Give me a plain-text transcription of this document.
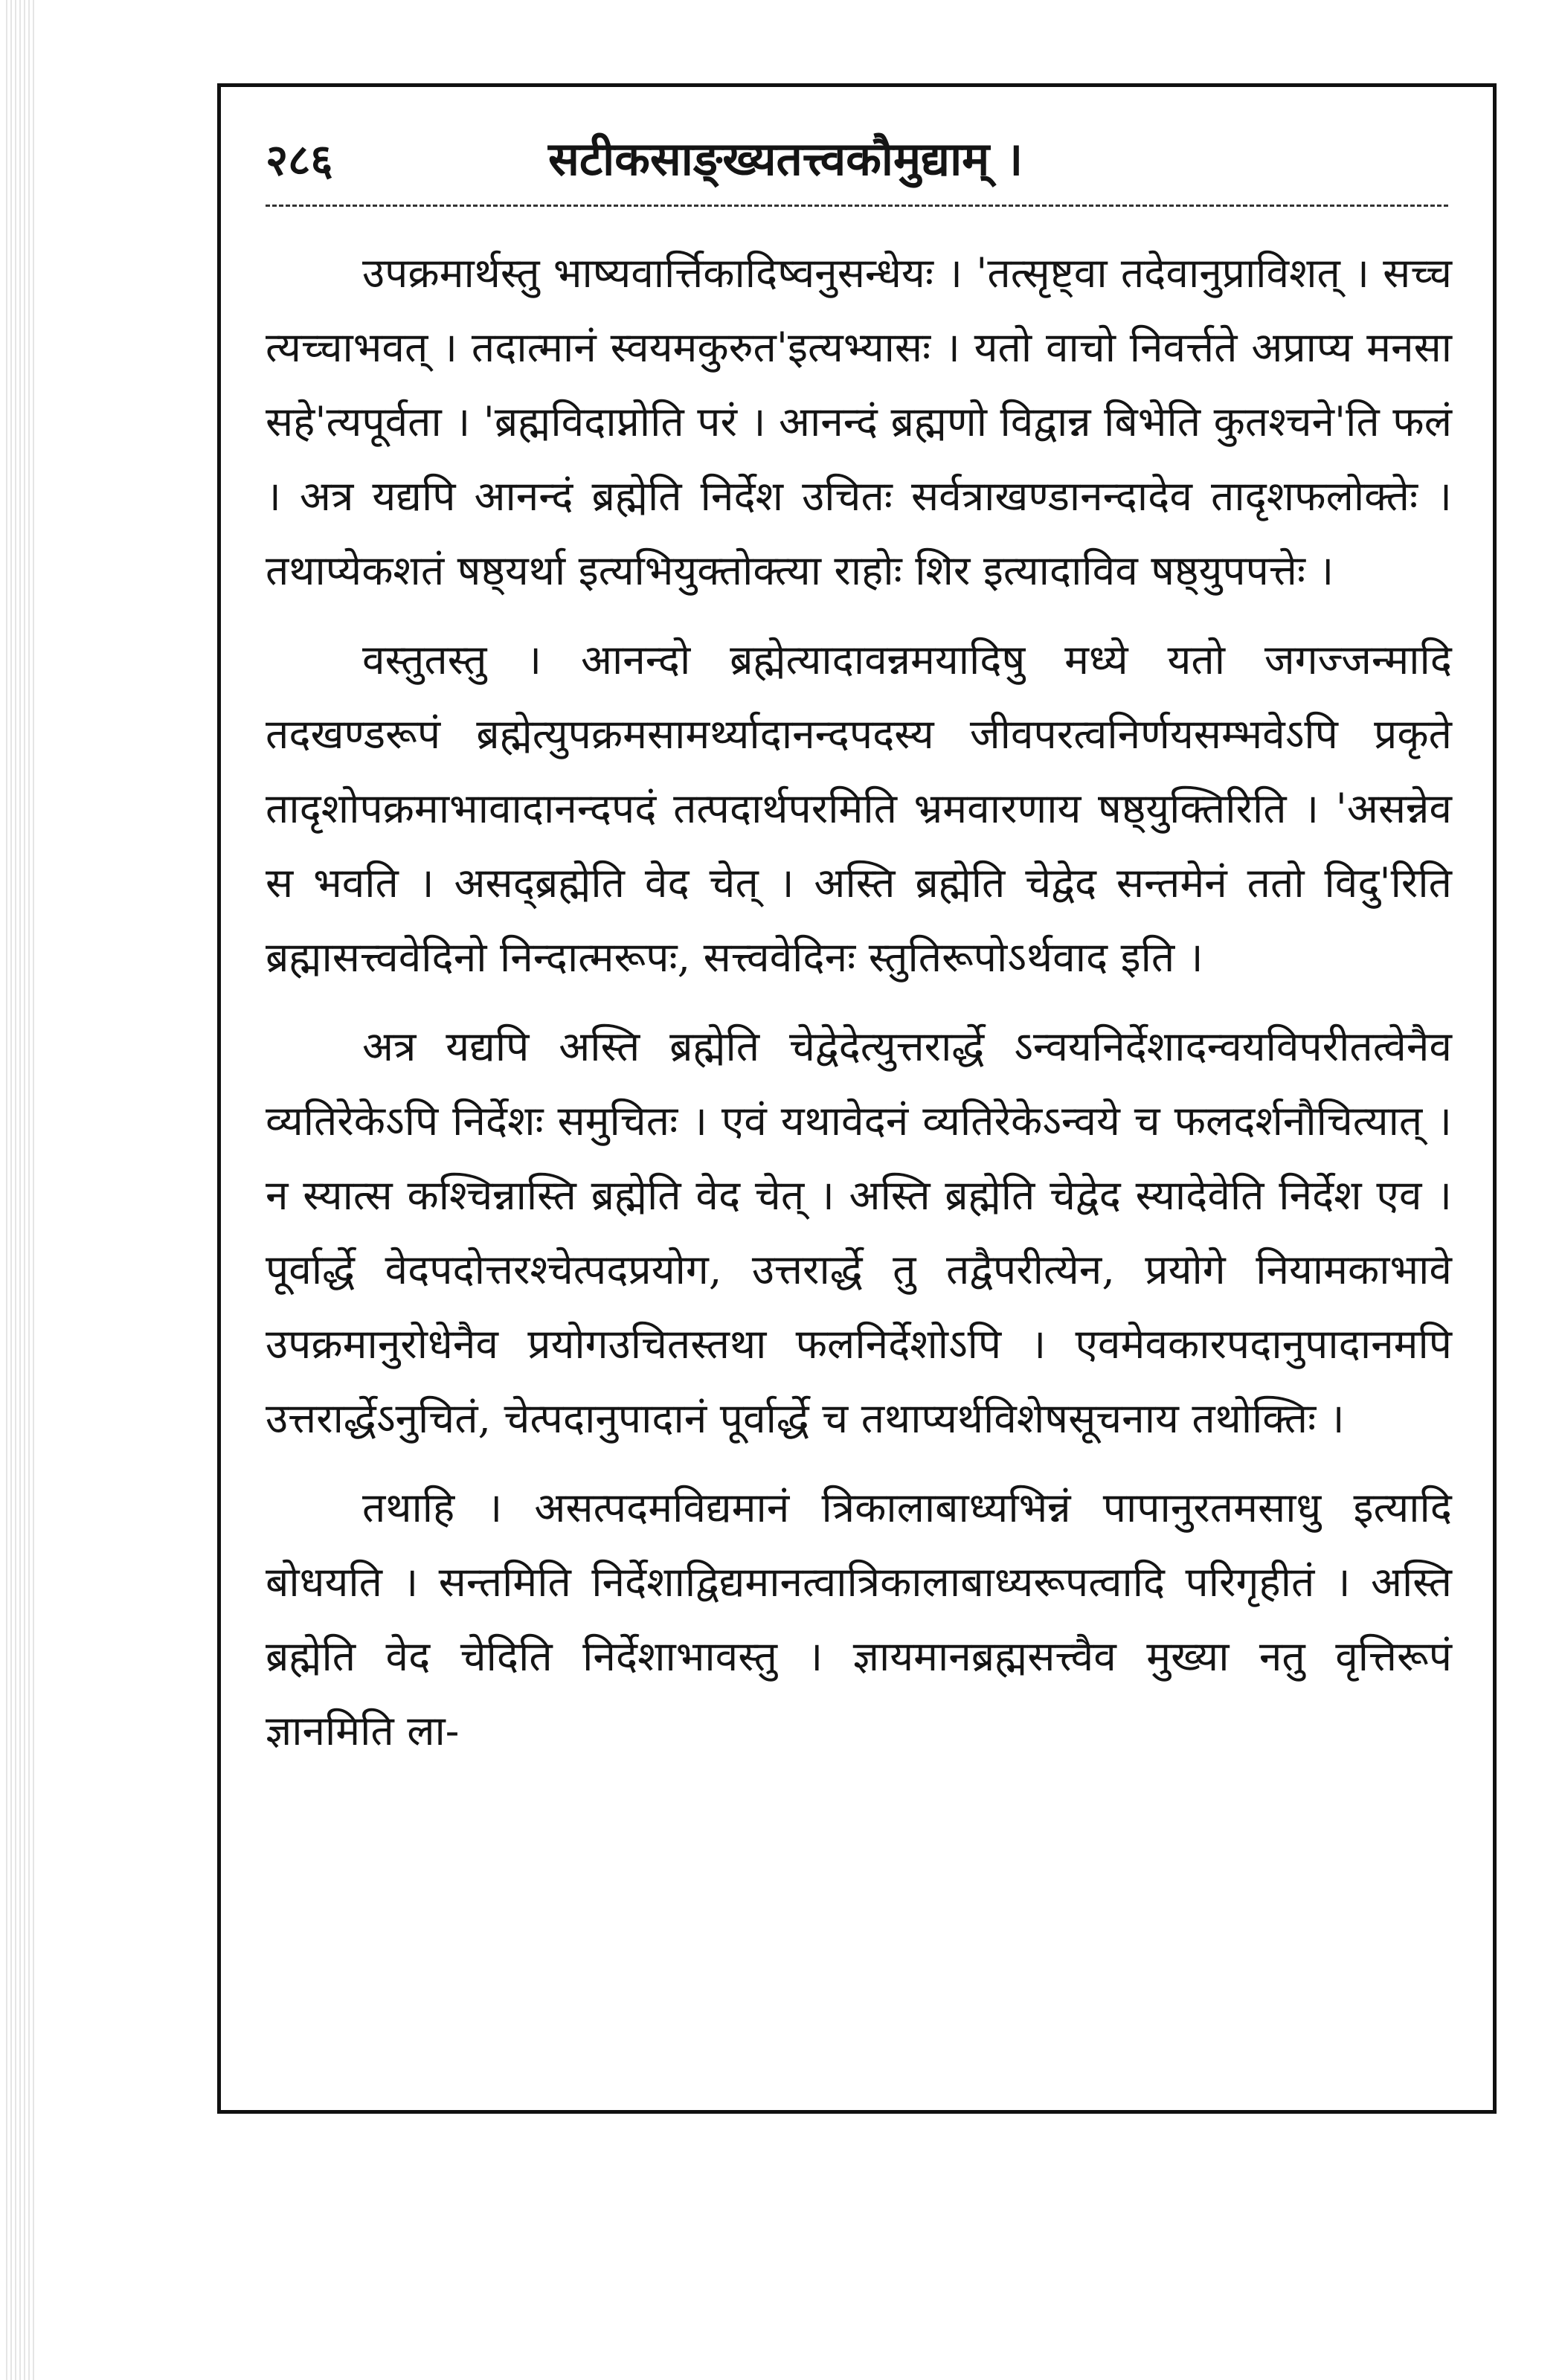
२८६	सटीकसाङ्ख्यतत्त्वकौमुद्याम् ।

उपक्रमार्थस्तु भाष्यवार्त्तिकादिष्वनुसन्धेयः । 'तत्सृष्ट्वा तदेवानुप्राविशत् । सच्च त्यच्चाभवत् । तदात्मानं स्वयमकुरुत'इत्यभ्यासः । यतो वाचो निवर्त्तते अप्राप्य मनसा सहे'त्यपूर्वता । 'ब्रह्मविदाप्नोति परं । आनन्दं ब्रह्मणो विद्वान्न बिभेति कुतश्चने'ति फलं । अत्र यद्यपि आनन्दं ब्रह्मेति निर्देश उचितः सर्वत्राखण्डानन्दादेव तादृशफलोक्तेः । तथाप्येकशतं षष्ठ्यर्था इत्यभियुक्तोक्त्या राहोः शिर इत्यादाविव षष्ठ्युपपत्तेः ।

वस्तुतस्तु । आनन्दो ब्रह्मेत्यादावन्नमयादिषु मध्ये यतो जगज्जन्मादि तदखण्डरूपं ब्रह्मेत्युपक्रमसामर्थ्यादानन्दपदस्य जीवपरत्वनिर्णयसम्भवेऽपि प्रकृते तादृशोपक्रमाभावादानन्दपदं तत्पदार्थपरमिति भ्रमवारणाय षष्ठ्युक्तिरिति । 'असन्नेव स भवति । असद्ब्रह्मेति वेद चेत् । अस्ति ब्रह्मेति चेद्वेद सन्तमेनं ततो विदु'रिति ब्रह्मासत्त्ववेदिनो निन्दात्मरूपः, सत्त्ववेदिनः स्तुतिरूपोऽर्थवाद इति ।

अत्र यद्यपि अस्ति ब्रह्मेति चेद्वेदेत्युत्तरार्द्धे ऽन्वयनिर्देशादन्वयविपरीतत्वेनैव व्यतिरेकेऽपि निर्देशः समुचितः । एवं यथावेदनं व्यतिरेकेऽन्वये च फलदर्शनौचित्यात् । न स्यात्स कश्चिन्नास्ति ब्रह्मेति वेद चेत् । अस्ति ब्रह्मेति चेद्वेद स्यादेवेति निर्देश एव । पूर्वार्द्धे वेदपदोत्तरश्चेत्पदप्रयोग, उत्तरार्द्धे तु तद्वैपरीत्येन, प्रयोगे नियामकाभावे उपक्रमानुरोधेनैव प्रयोगउचितस्तथा फलनिर्देशोऽपि । एवमेवकारपदानुपादानमपि उत्तरार्द्धेऽनुचितं, चेत्पदानुपादानं पूर्वार्द्धे च तथाप्यर्थविशेषसूचनाय तथोक्तिः ।

तथाहि । असत्पदमविद्यमानं त्रिकालाबाध्यभिन्नं पापानुरतमसाधु इत्यादि बोधयति । सन्तमिति निर्देशाद्विद्यमानत्वात्रिकालाबाध्यरूपत्वादि परिगृहीतं । अस्ति ब्रह्मेति वेद चेदिति निर्देशाभावस्तु । ज्ञायमानब्रह्मसत्त्वैव मुख्या नतु वृत्तिरूपं ज्ञानमिति ला-
